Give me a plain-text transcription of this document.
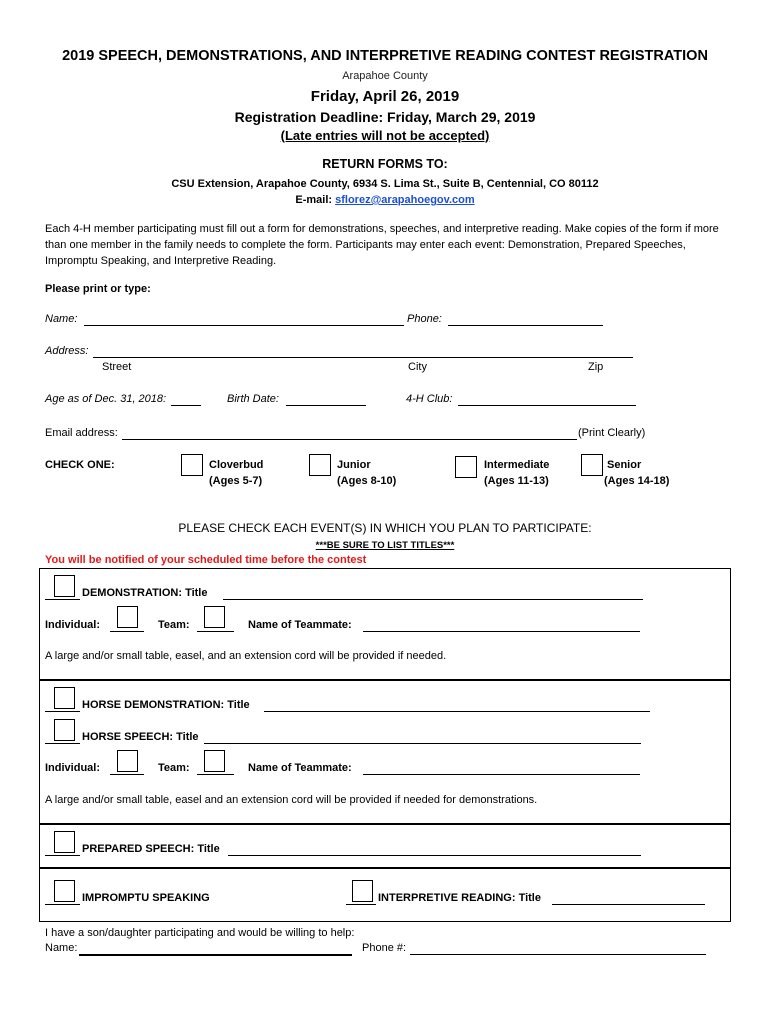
2019 SPEECH, DEMONSTRATIONS, AND INTERPRETIVE READING CONTEST REGISTRATION
Arapahoe County
Friday, April 26, 2019
Registration Deadline: Friday, March 29, 2019
(Late entries will not be accepted)
RETURN FORMS TO:
CSU Extension, Arapahoe County, 6934 S. Lima St., Suite B, Centennial, CO 80112
E-mail: sflorez@arapahoegov.com
Each 4-H member participating must fill out a form for demonstrations, speeches, and interpretive reading. Make copies of the form if more than one member in the family needs to complete the form. Participants may enter each event: Demonstration, Prepared Speeches, Impromptu Speaking, and Interpretive Reading.
Please print or type:
Name:	Phone:
Address:
Street	City	Zip
Age as of Dec. 31, 2018:	Birth Date:	4-H Club:
Email address:	(Print Clearly)
CHECK ONE:	Cloverbud
(Ages 5-7)
Junior
(Ages 8-10)
Intermediate
(Ages 11-13)
Senior
(Ages 14-18)
PLEASE CHECK EACH EVENT(S) IN WHICH YOU PLAN TO PARTICIPATE:
***BE SURE TO LIST TITLES***
You will be notified of your scheduled time before the contest
DEMONSTRATION: Title
Individual:	Team:	Name of Teammate:
A large and/or small table, easel, and an extension cord will be provided if needed.
HORSE DEMONSTRATION: Title
HORSE SPEECH: Title
Individual:	Team:	Name of Teammate:
A large and/or small table, easel and an extension cord will be provided if needed for demonstrations.
PREPARED SPEECH: Title
IMPROMPTU SPEAKING	INTERPRETIVE READING: Title
I have a son/daughter participating and would be willing to help:
Name:	Phone #:
